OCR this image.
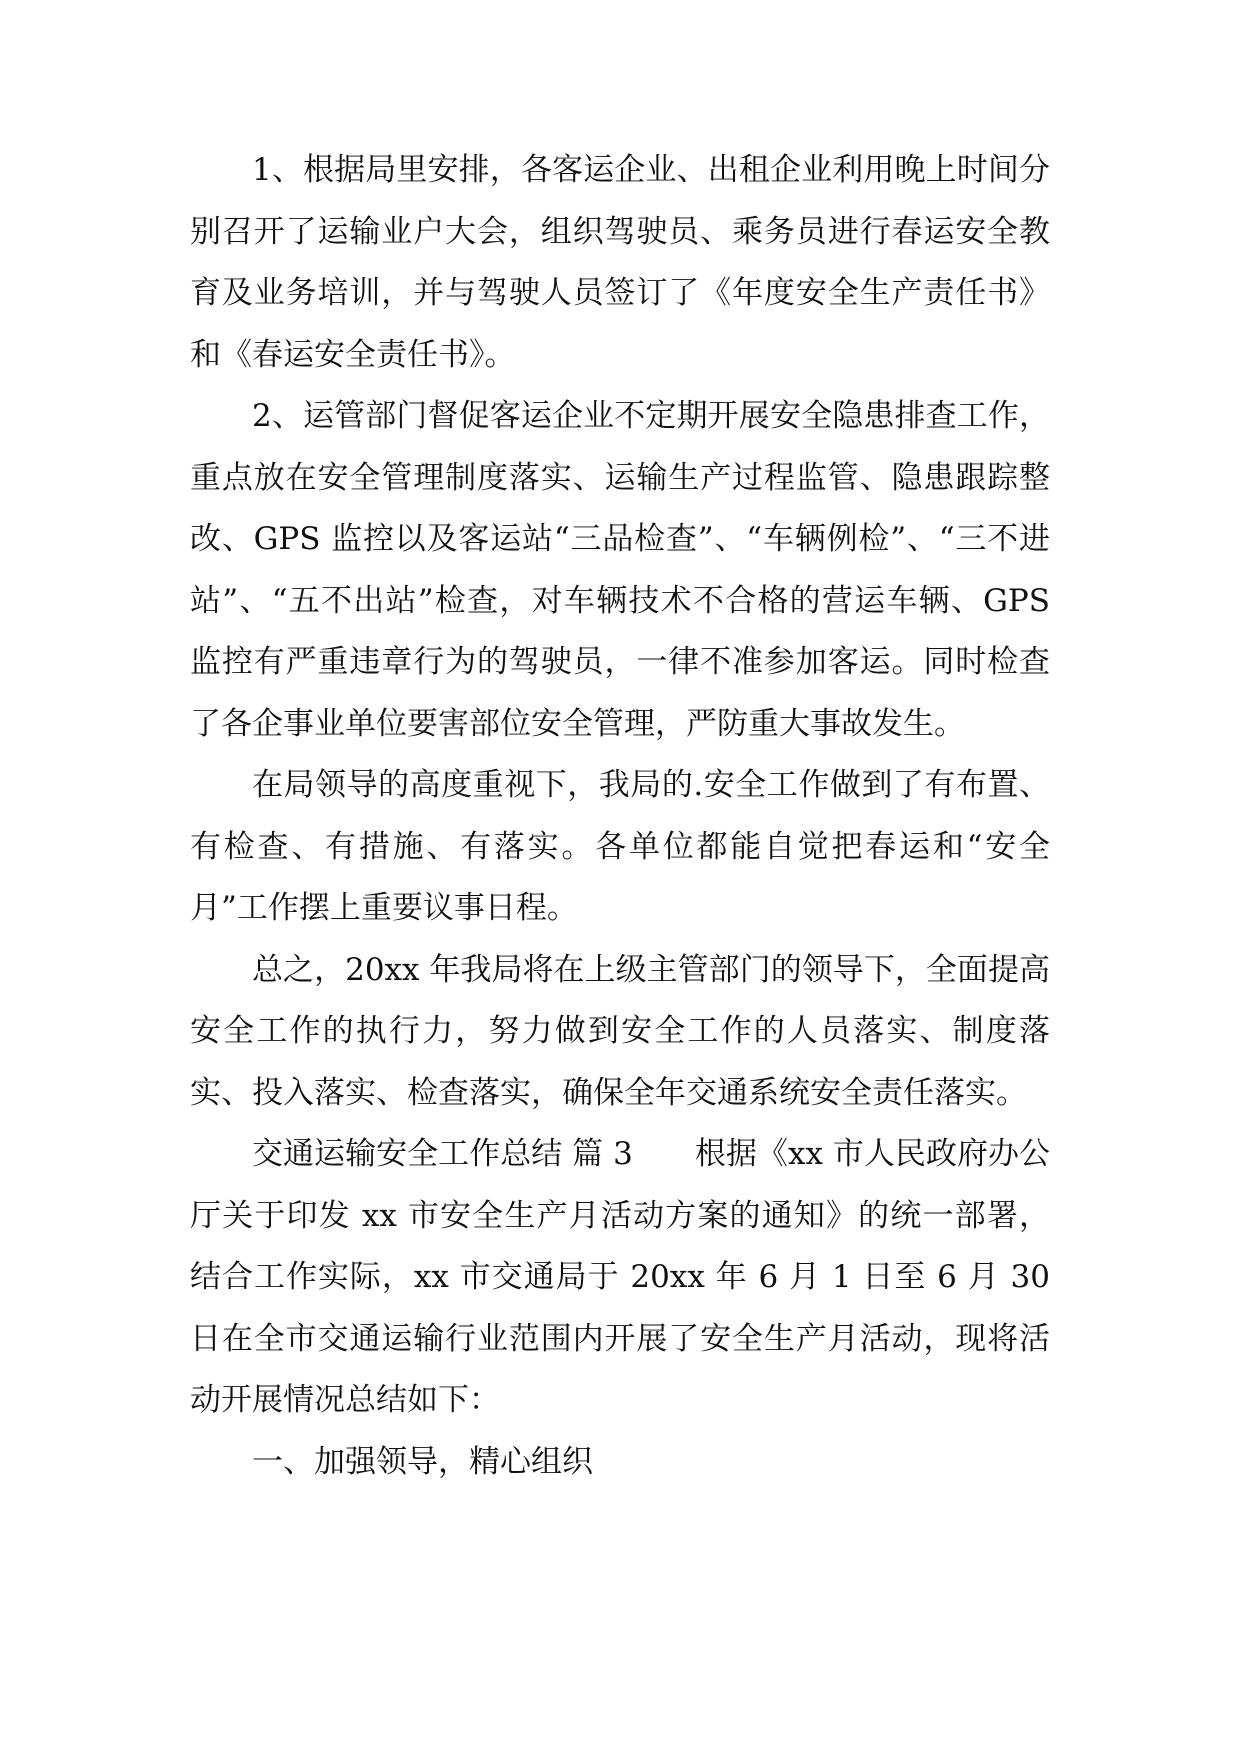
1、根据局里安排，各客运企业、出租企业利用晚上时间分别召开了运输业户大会，组织驾驶员、乘务员进行春运安全教育及业务培训，并与驾驶人员签订了《年度安全生产责任书》和《春运安全责任书》。

2、运管部门督促客运企业不定期开展安全隐患排查工作，重点放在安全管理制度落实、运输生产过程监管、隐患跟踪整改、GPS 监控以及客运站“三品检查”、“车辆例检”、“三不进站”、“五不出站”检查，对车辆技术不合格的营运车辆、GPS 监控有严重违章行为的驾驶员，一律不准参加客运。同时检查了各企事业单位要害部位安全管理，严防重大事故发生。

在局领导的高度重视下，我局的.安全工作做到了有布置、有检查、有措施、有落实。各单位都能自觉把春运和“安全月”工作摆上重要议事日程。

总之，20xx 年我局将在上级主管部门的领导下，全面提高安全工作的执行力，努力做到安全工作的人员落实、制度落实、投入落实、检查落实，确保全年交通系统安全责任落实。

交通运输安全工作总结 篇 3　　根据《xx 市人民政府办公厅关于印发 xx 市安全生产月活动方案的通知》的统一部署，结合工作实际，xx 市交通局于 20xx 年 6 月 1 日至 6 月 30 日在全市交通运输行业范围内开展了安全生产月活动，现将活动开展情况总结如下：

一、加强领导，精心组织
